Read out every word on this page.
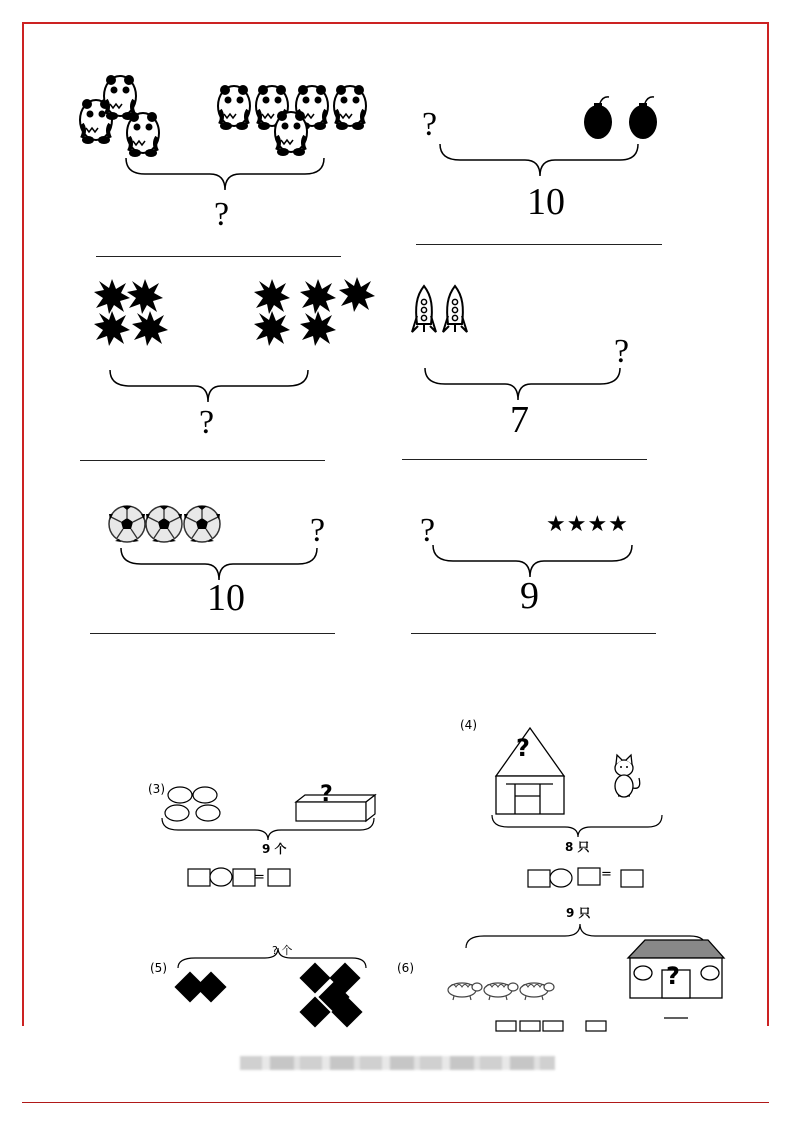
?
?
10
?
?
7
?
10
?	★★★★
9
(3)	?
9 个
=
(4)
?
8 只
=
(5)
? 个
(6)
9 只
?
